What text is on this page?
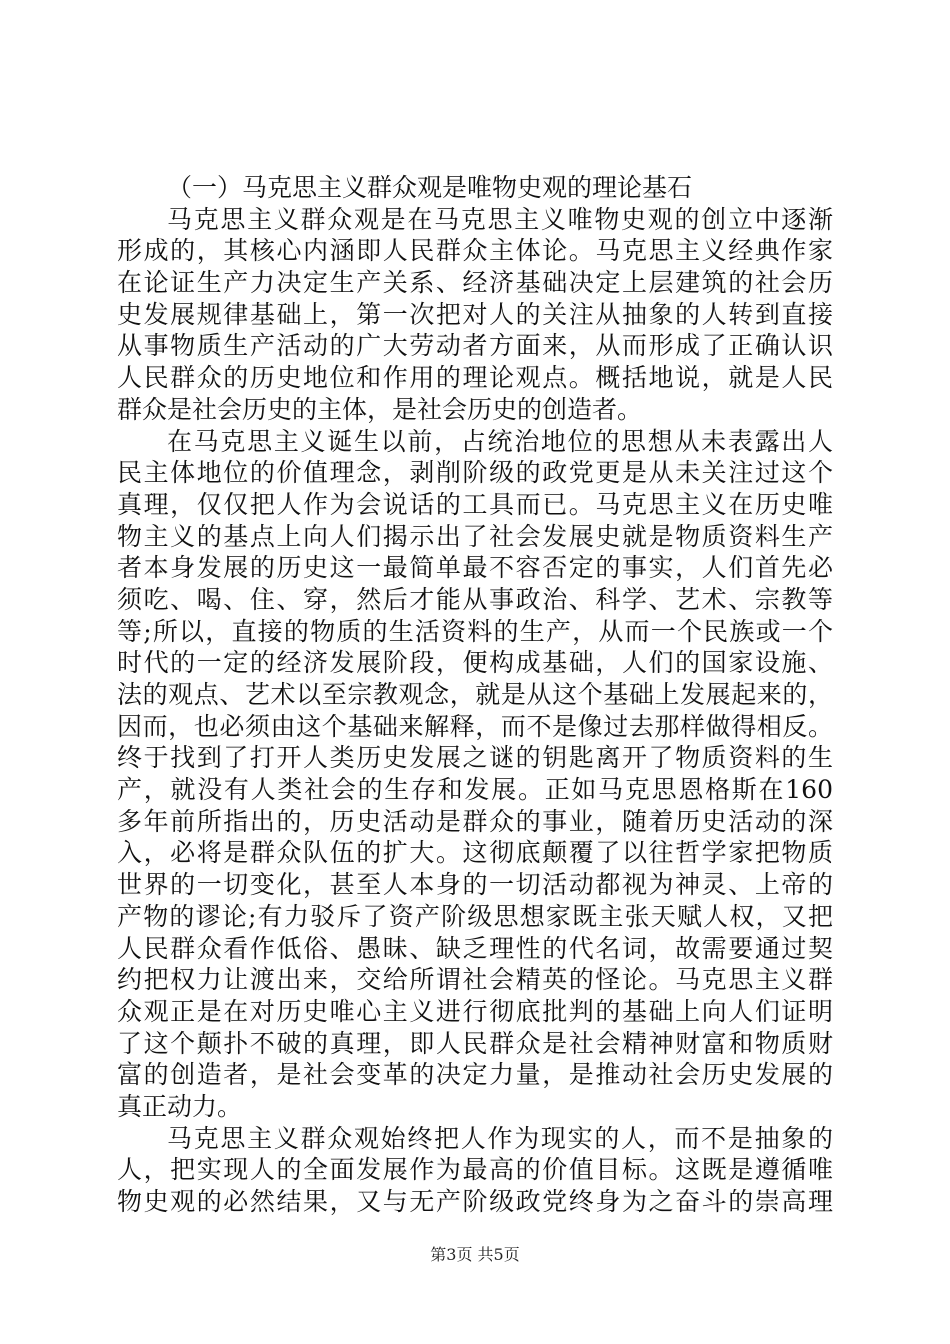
（一）马克思主义群众观是唯物史观的理论基石
马克思主义群众观是在马克思主义唯物史观的创立中逐渐
形成的，其核心内涵即人民群众主体论。马克思主义经典作家
在论证生产力决定生产关系、经济基础决定上层建筑的社会历
史发展规律基础上，第一次把对人的关注从抽象的人转到直接
从事物质生产活动的广大劳动者方面来，从而形成了正确认识
人民群众的历史地位和作用的理论观点。概括地说，就是人民
群众是社会历史的主体，是社会历史的创造者。
在马克思主义诞生以前，占统治地位的思想从未表露出人
民主体地位的价值理念，剥削阶级的政党更是从未关注过这个
真理，仅仅把人作为会说话的工具而已。马克思主义在历史唯
物主义的基点上向人们揭示出了社会发展史就是物质资料生产
者本身发展的历史这一最简单最不容否定的事实，人们首先必
须吃、喝、住、穿，然后才能从事政治、科学、艺术、宗教等
等;所以，直接的物质的生活资料的生产，从而一个民族或一个
时代的一定的经济发展阶段，便构成基础，人们的国家设施、
法的观点、艺术以至宗教观念，就是从这个基础上发展起来的，
因而，也必须由这个基础来解释，而不是像过去那样做得相反。
终于找到了打开人类历史发展之谜的钥匙离开了物质资料的生
产，就没有人类社会的生存和发展。正如马克思恩格斯在160
多年前所指出的，历史活动是群众的事业，随着历史活动的深
入，必将是群众队伍的扩大。这彻底颠覆了以往哲学家把物质
世界的一切变化，甚至人本身的一切活动都视为神灵、上帝的
产物的谬论;有力驳斥了资产阶级思想家既主张天赋人权，又把
人民群众看作低俗、愚昧、缺乏理性的代名词，故需要通过契
约把权力让渡出来，交给所谓社会精英的怪论。马克思主义群
众观正是在对历史唯心主义进行彻底批判的基础上向人们证明
了这个颠扑不破的真理，即人民群众是社会精神财富和物质财
富的创造者，是社会变革的决定力量，是推动社会历史发展的
真正动力。
马克思主义群众观始终把人作为现实的人，而不是抽象的
人，把实现人的全面发展作为最高的价值目标。这既是遵循唯
物史观的必然结果，又与无产阶级政党终身为之奋斗的崇高理
第3页 共5页
